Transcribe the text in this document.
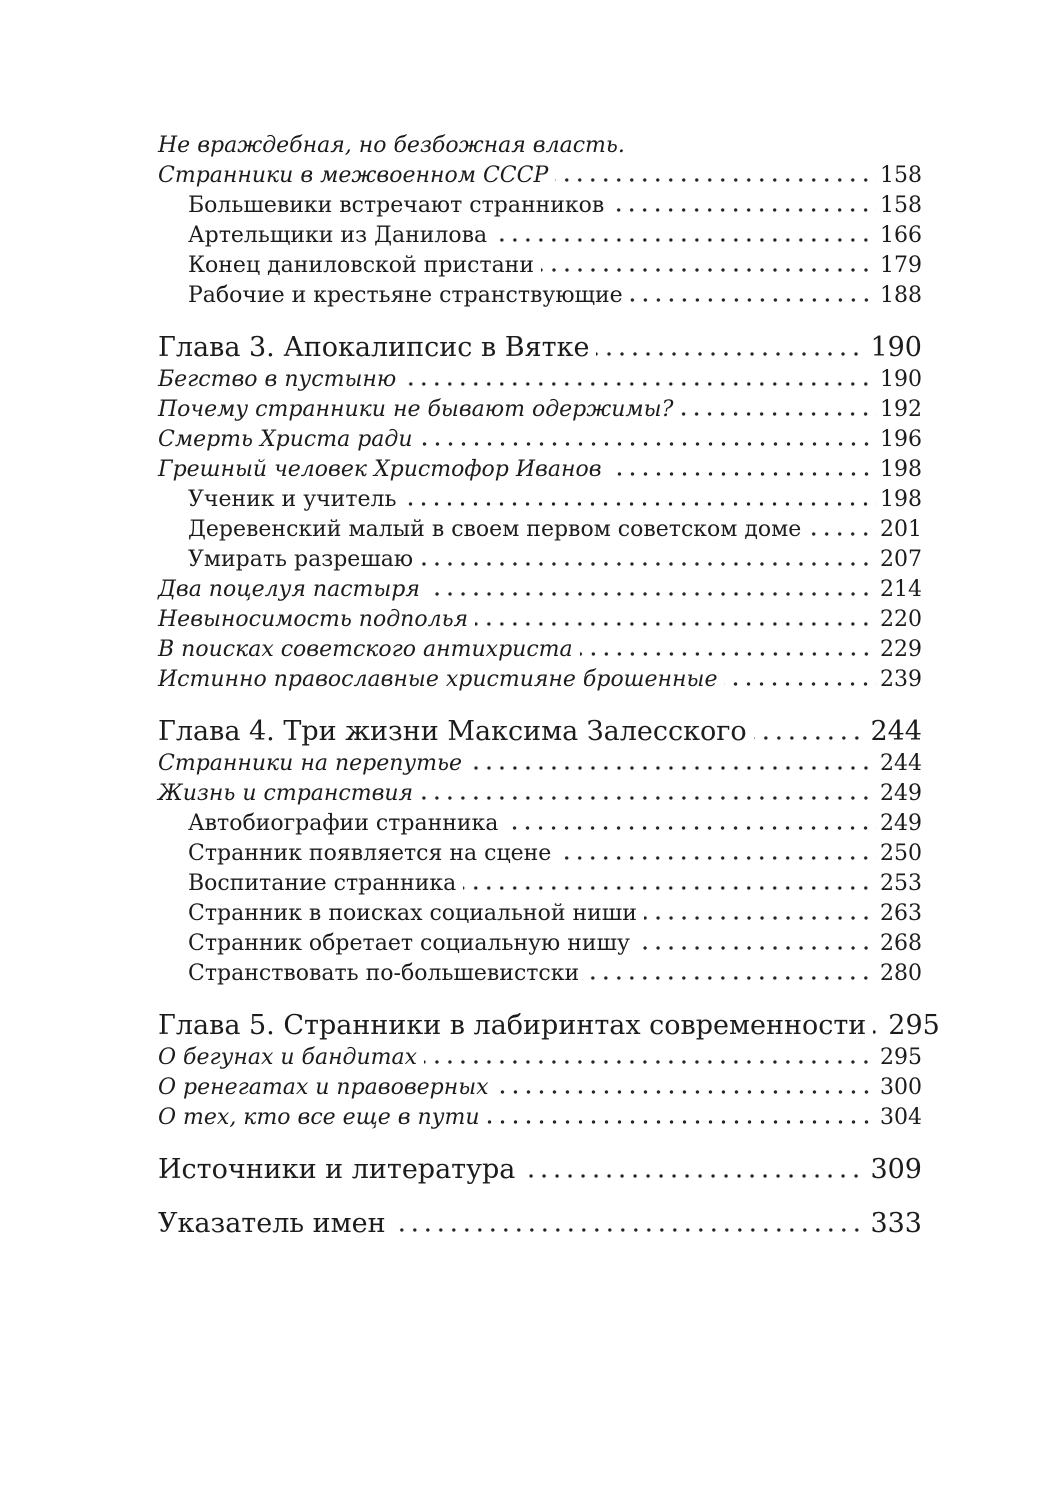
Не враждебная, но безбожная власть.
Странники в межвоенном СССР	158
Большевики встречают странников	158
Артельщики из Данилова	166
Конец даниловской пристани	179
Рабочие и крестьяне странствующие	188
Глава 3. Апокалипсис в Вятке	190
Бегство в пустыню	190
Почему странники не бывают одержимы?	192
Смерть Христа ради	196
Грешный человек Христофор Иванов	198
Ученик и учитель	198
Деревенский малый в своем первом советском доме	201
Умирать разрешаю	207
Два поцелуя пастыря	214
Невыносимость подполья	220
В поисках советского антихриста	229
Истинно православные християне брошенные	239
Глава 4. Три жизни Максима Залесского	244
Странники на перепутье	244
Жизнь и странствия	249
Автобиографии странника	249
Странник появляется на сцене	250
Воспитание странника	253
Странник в поисках социальной ниши	263
Странник обретает социальную нишу	268
Странствовать по-большевистски	280
Глава 5. Странники в лабиринтах современности 295
О бегунах и бандитах	295
О ренегатах и правоверных	300
О тех, кто все еще в пути	304
Источники и литература	309
Указатель имен	333
